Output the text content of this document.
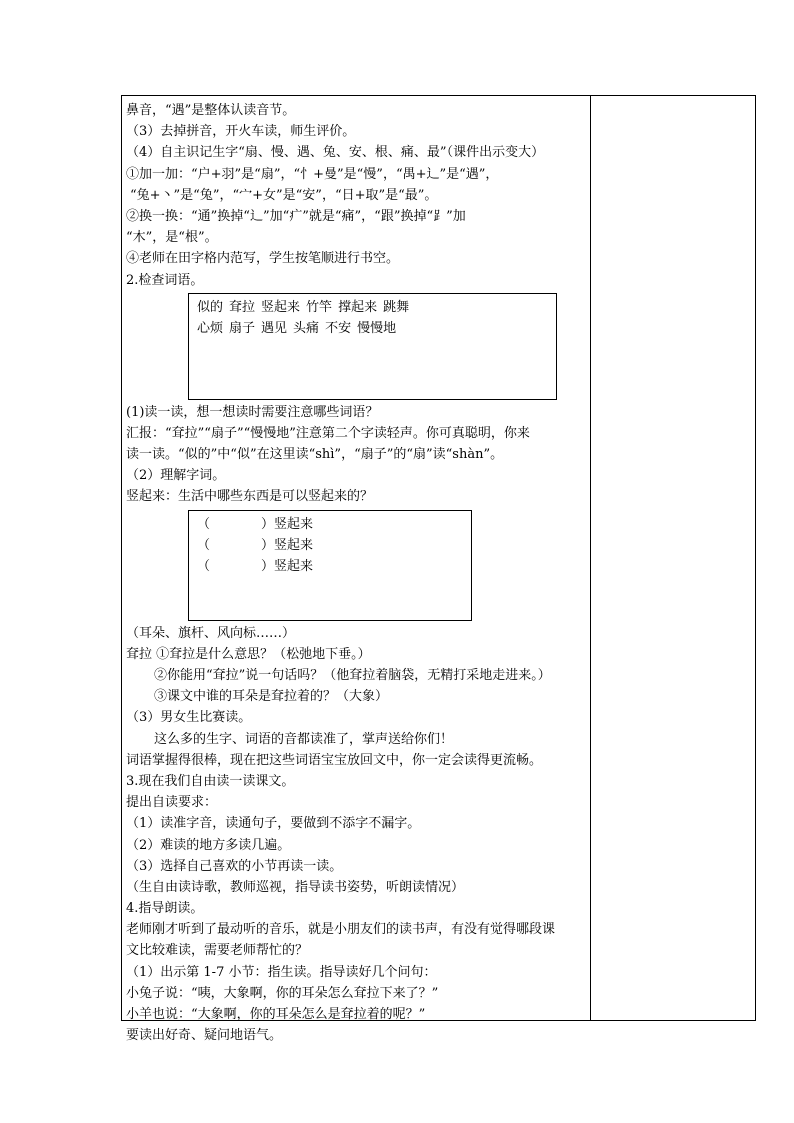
鼻音，“遇”是整体认读音节。
（3）去掉拼音，开火车读，师生评价。
（4）自主识记生字“扇、慢、遇、兔、安、根、痛、最”（课件出示变大）
①加一加：“户+羽”是“扇”，“忄+曼”是“慢”，“禺+辶”是“遇”，
“兔+丶”是“兔”，“宀+女”是“安”，“日+取”是“最”。
②换一换：“通”换掉“辶”加“疒”就是“痛”，“跟”换掉“⻊”加
“木”，是“根”。
④老师在田字格内范写，学生按笔顺进行书空。
2.检查词语。
似的 耷拉 竖起来 竹竿 撑起来 跳舞
心烦 扇子 遇见 头痛 不安 慢慢地
(1)读一读，想一想读时需要注意哪些词语？
汇报：“耷拉”“扇子”“慢慢地”注意第二个字读轻声。你可真聪明，你来
读一读。“似的”中“似”在这里读“shì”，“扇子”的“扇”读“shàn”。
（2）理解字词。
竖起来：生活中哪些东西是可以竖起来的？
（	）竖起来
（	）竖起来
（	）竖起来
（耳朵、旗杆、风向标……）
耷拉 ①耷拉是什么意思？（松弛地下垂。）
②你能用“耷拉”说一句话吗？（他耷拉着脑袋，无精打采地走进来。）
③课文中谁的耳朵是耷拉着的？（大象）
（3）男女生比赛读。
这么多的生字、词语的音都读准了，掌声送给你们！
词语掌握得很棒，现在把这些词语宝宝放回文中，你一定会读得更流畅。
3.现在我们自由读一读课文。
提出自读要求：
（1）读准字音，读通句子，要做到不添字不漏字。
（2）难读的地方多读几遍。
（3）选择自己喜欢的小节再读一读。
（生自由读诗歌，教师巡视，指导读书姿势，听朗读情况）
4.指导朗读。
老师刚才听到了最动听的音乐，就是小朋友们的读书声，有没有觉得哪段课
文比较难读，需要老师帮忙的？
（1）出示第 1-7 小节：指生读。指导读好几个问句：
小兔子说：“咦，大象啊，你的耳朵怎么耷拉下来了？”
小羊也说：“大象啊，你的耳朵怎么是耷拉着的呢？”
要读出好奇、疑问地语气。
